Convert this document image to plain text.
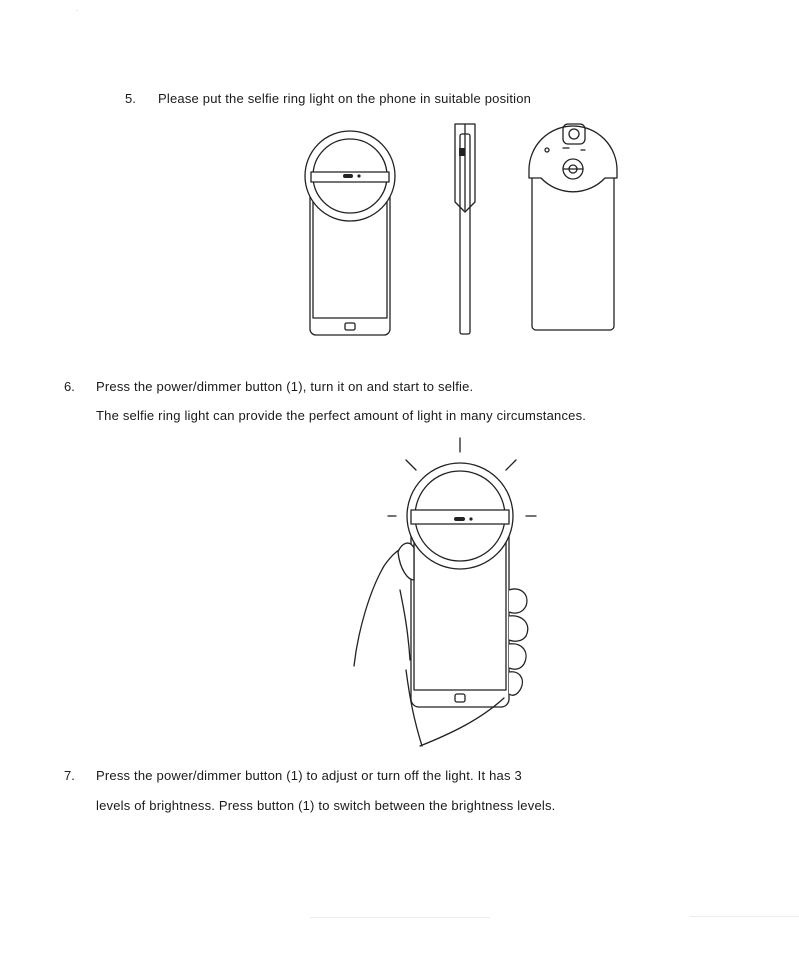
5. Please put the selfie ring light on the phone in suitable position
6. Press the power/dimmer button (1), turn it on and start to selfie.
The selfie ring light can provide the perfect amount of light in many circumstances.
7. Press the power/dimmer button (1) to adjust or turn off the light. It has 3
levels of brightness. Press button (1) to switch between the brightness levels.
